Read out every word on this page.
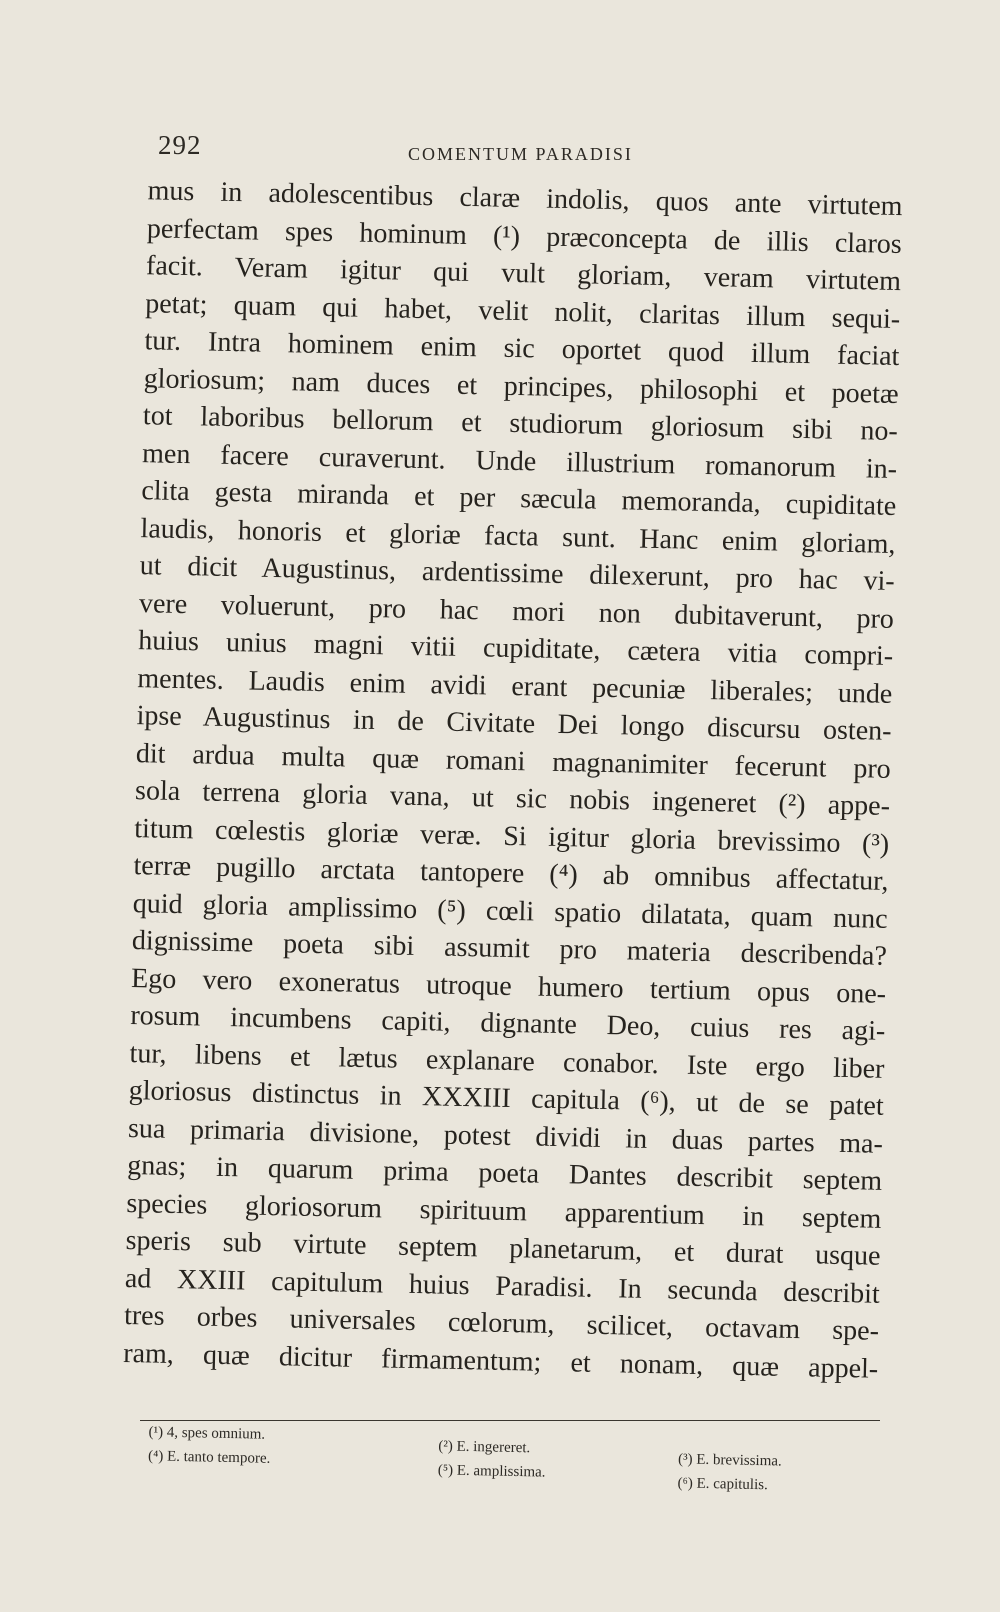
292	COMENTUM PARADISI
mus in adolescentibus claræ indolis, quos ante virtutem
perfectam spes hominum (¹) præconcepta de illis claros
facit. Veram igitur qui vult gloriam, veram virtutem
petat; quam qui habet, velit nolit, claritas illum sequi-
tur. Intra hominem enim sic oportet quod illum faciat
gloriosum; nam duces et principes, philosophi et poetæ
tot laboribus bellorum et studiorum gloriosum sibi no-
men facere curaverunt. Unde illustrium romanorum in-
clita gesta miranda et per sæcula memoranda, cupiditate
laudis, honoris et gloriæ facta sunt. Hanc enim gloriam,
ut dicit Augustinus, ardentissime dilexerunt, pro hac vi-
vere voluerunt, pro hac mori non dubitaverunt, pro
huius unius magni vitii cupiditate, cætera vitia compri-
mentes. Laudis enim avidi erant pecuniæ liberales; unde
ipse Augustinus in de Civitate Dei longo discursu osten-
dit ardua multa quæ romani magnanimiter fecerunt pro
sola terrena gloria vana, ut sic nobis ingeneret (²) appe-
titum cœlestis gloriæ veræ. Si igitur gloria brevissimo (³)
terræ pugillo arctata tantopere (⁴) ab omnibus affectatur,
quid gloria amplissimo (⁵) cœli spatio dilatata, quam nunc
dignissime poeta sibi assumit pro materia describenda?
Ego vero exoneratus utroque humero tertium opus one-
rosum incumbens capiti, dignante Deo, cuius res agi-
tur, libens et lætus explanare conabor. Iste ergo liber
gloriosus distinctus in XXXIII capitula (⁶), ut de se patet
sua primaria divisione, potest dividi in duas partes ma-
gnas; in quarum prima poeta Dantes describit septem
species gloriosorum spirituum apparentium in septem
speris sub virtute septem planetarum, et durat usque
ad XXIII capitulum huius Paradisi. In secunda describit
tres orbes universales cœlorum, scilicet, octavam spe-
ram, quæ dicitur firmamentum; et nonam, quæ appel-
(¹) 4, spes omnium.
(⁴) E. tanto tempore.
(²) E. ingereret.
(⁵) E. amplissima.
(³) E. brevissima.
(⁶) E. capitulis.
